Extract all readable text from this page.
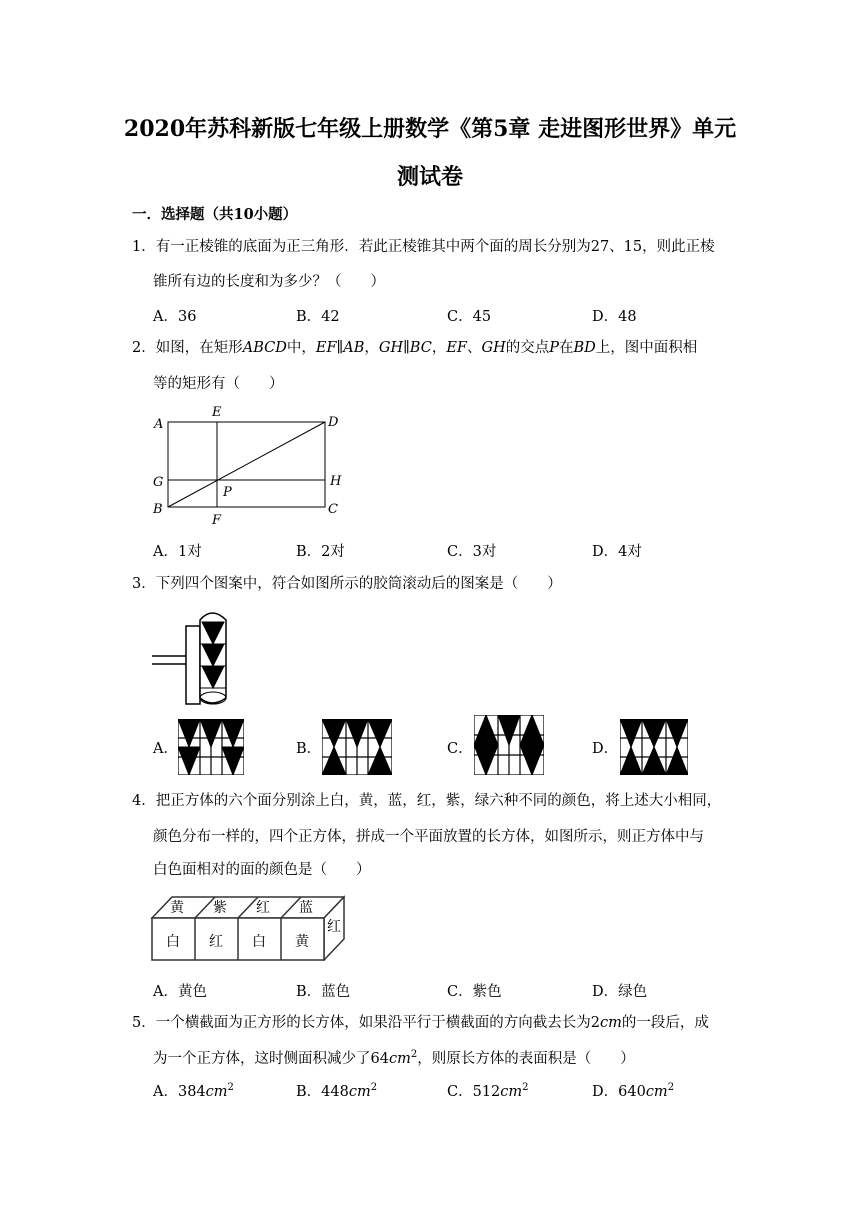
2020年苏科新版七年级上册数学《第5章 走进图形世界》单元
测试卷
一．选择题（共10小题）
1．有一正棱锥的底面为正三角形．若此正棱锥其中两个面的周长分别为27、15，则此正棱
锥所有边的长度和为多少？（　　）
A．36	B．42	C．45	D．48
2．如图，在矩形ABCD中，EF∥AB，GH∥BC，EF、GH的交点P在BD上，图中面积相
等的矩形有（　　）
A
E
D
G
P
H
B
F
C
A．1对	B．2对	C．3对	D．4对
3．下列四个图案中，符合如图所示的胶筒滚动后的图案是（　　）
A．	B．	C．	D．
4．把正方体的六个面分别涂上白，黄，蓝，红，紫，绿六种不同的颜色，将上述大小相同，
颜色分布一样的，四个正方体，拼成一个平面放置的长方体，如图所示，则正方体中与
白色面相对的面的颜色是（　　）
黄 紫 红 蓝
白 红 白 黄
红
A．黄色	B．蓝色	C．紫色	D．绿色
5．一个横截面为正方形的长方体，如果沿平行于横截面的方向截去长为2cm的一段后，成
为一个正方体，这时侧面积减少了$64cm^2$，则原长方体的表面积是（　　）
A．$384cm^2$	B．$448cm^2$	C．$512cm^2$	D．$640cm^2$
